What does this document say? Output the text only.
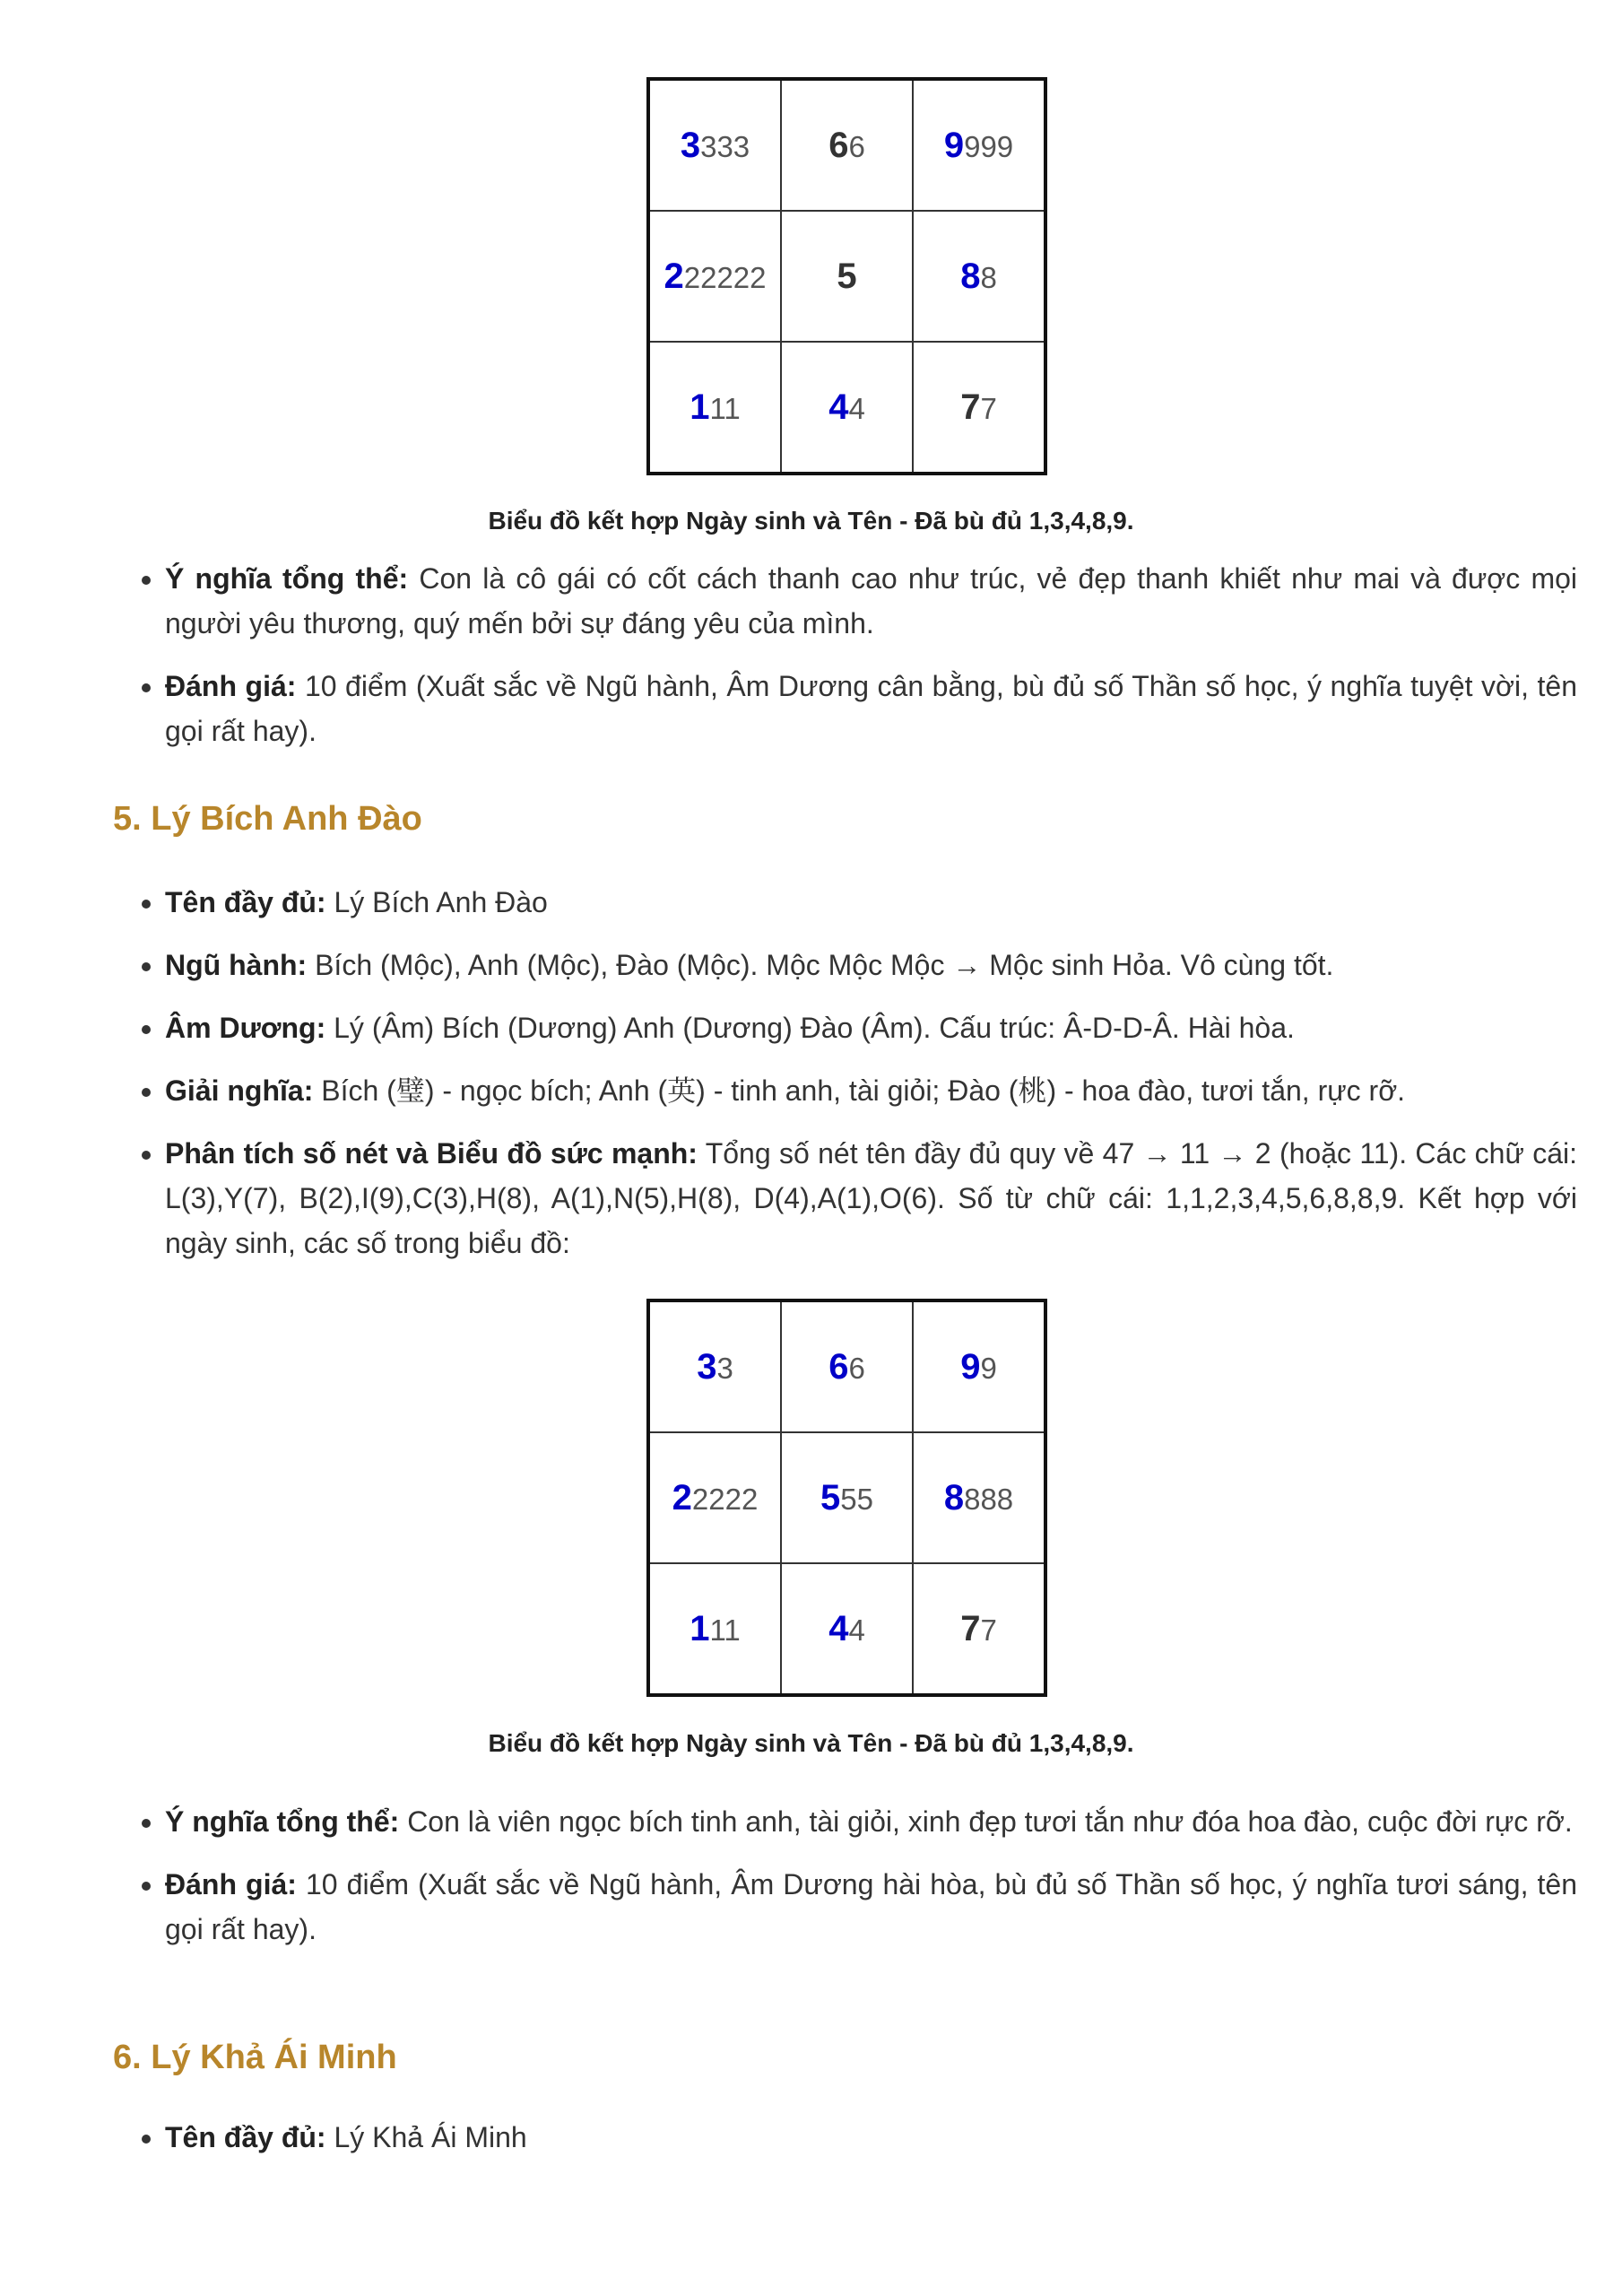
3333	66	9999
222222	5	88
111	44	77
Biểu đồ kết hợp Ngày sinh và Tên - Đã bù đủ 1,3,4,8,9.
• Ý nghĩa tổng thể: Con là cô gái có cốt cách thanh cao như trúc, vẻ đẹp thanh khiết như mai và được mọi người yêu thương, quý mến bởi sự đáng yêu của mình.
• Đánh giá: 10 điểm (Xuất sắc về Ngũ hành, Âm Dương cân bằng, bù đủ số Thần số học, ý nghĩa tuyệt vời, tên gọi rất hay).
5. Lý Bích Anh Đào
• Tên đầy đủ: Lý Bích Anh Đào
• Ngũ hành: Bích (Mộc), Anh (Mộc), Đào (Mộc). Mộc Mộc Mộc → Mộc sinh Hỏa. Vô cùng tốt.
• Âm Dương: Lý (Âm) Bích (Dương) Anh (Dương) Đào (Âm). Cấu trúc: Â-D-D-Â. Hài hòa.
• Giải nghĩa: Bích (璧) - ngọc bích; Anh (英) - tinh anh, tài giỏi; Đào (桃) - hoa đào, tươi tắn, rực rỡ.
• Phân tích số nét và Biểu đồ sức mạnh: Tổng số nét tên đầy đủ quy về 47 → 11 → 2 (hoặc 11). Các chữ cái: L(3),Y(7), B(2),I(9),C(3),H(8), A(1),N(5),H(8), D(4),A(1),O(6). Số từ chữ cái: 1,1,2,3,4,5,6,8,8,9. Kết hợp với ngày sinh, các số trong biểu đồ:
33	66	99
22222	555	8888
111	44	77
Biểu đồ kết hợp Ngày sinh và Tên - Đã bù đủ 1,3,4,8,9.
• Ý nghĩa tổng thể: Con là viên ngọc bích tinh anh, tài giỏi, xinh đẹp tươi tắn như đóa hoa đào, cuộc đời rực rỡ.
• Đánh giá: 10 điểm (Xuất sắc về Ngũ hành, Âm Dương hài hòa, bù đủ số Thần số học, ý nghĩa tươi sáng, tên gọi rất hay).
6. Lý Khả Ái Minh
• Tên đầy đủ: Lý Khả Ái Minh
